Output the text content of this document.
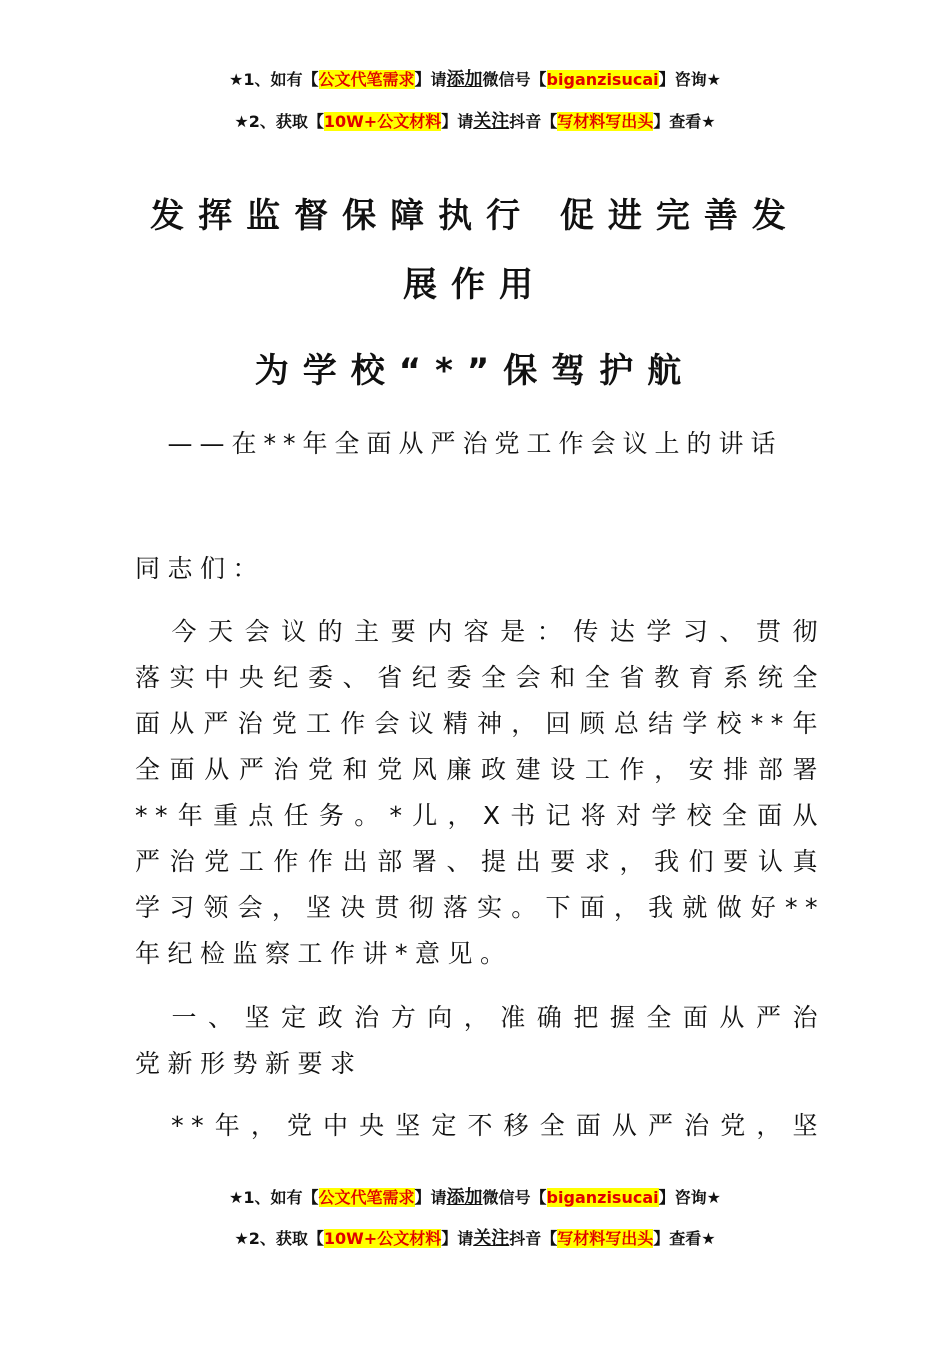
★1、如有【公文代笔需求】请添加微信号【biganzisucai】咨询★
★2、获取【10W+公文材料】请关注抖音【写材料写出头】查看★
发挥监督保障执行 促进完善发
展作用
为学校“*”保驾护航
——在**年全面从严治党工作会议上的讲话
同志们：
　今天会议的主要内容是：传达学习、贯彻
落实中央纪委、省纪委全会和全省教育系统全
面从严治党工作会议精神，回顾总结学校**年
全面从严治党和党风廉政建设工作，安排部署
**年重点任务。*儿，X书记将对学校全面从
严治党工作作出部署、提出要求，我们要认真
学习领会，坚决贯彻落实。下面，我就做好**
年纪检监察工作讲*意见。
　一、坚定政治方向，准确把握全面从严治
党新形势新要求
　**年，党中央坚定不移全面从严治党，坚
★1、如有【公文代笔需求】请添加微信号【biganzisucai】咨询★
★2、获取【10W+公文材料】请关注抖音【写材料写出头】查看★
